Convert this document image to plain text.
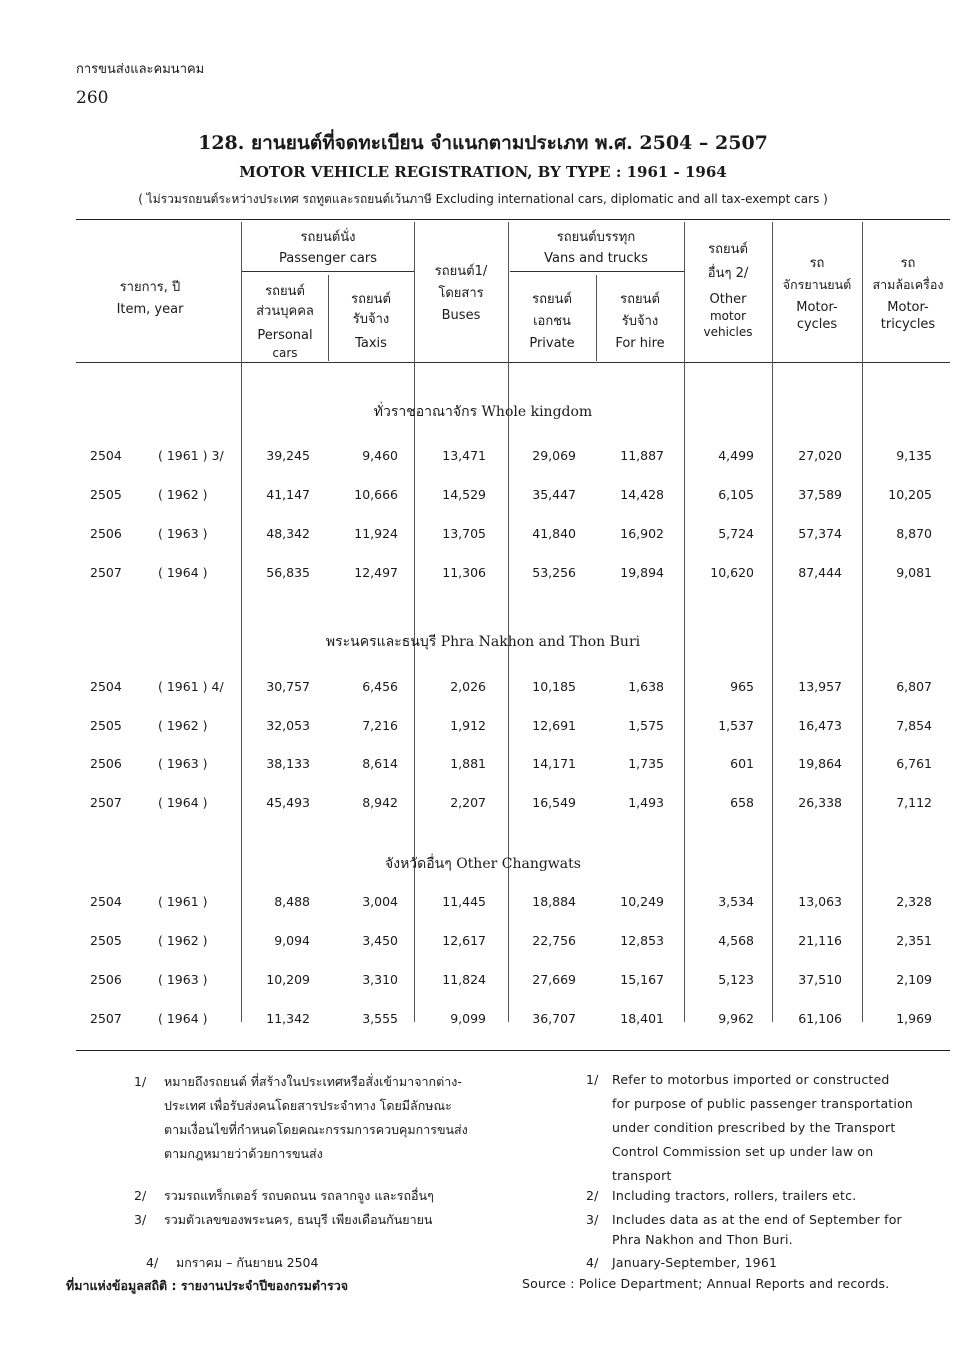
การขนส่งและคมนาคม
260
128. ยานยนต์ที่จดทะเบียน จำแนกตามประเภท พ.ศ. 2504 – 2507
MOTOR VEHICLE REGISTRATION, BY TYPE : 1961 - 1964
( ไม่รวมรถยนต์ระหว่างประเทศ รถทูตและรถยนต์เว้นภาษี Excluding international cars, diplomatic and all tax-exempt cars )
รายการ, ปี
Item, year
รถยนต์นั่ง
Passenger cars
รถยนต์
ส่วนบุคคล
Personal
cars
รถยนต์
รับจ้าง
Taxis
รถยนต์1/
โดยสาร
Buses
รถยนต์บรรทุก
Vans and trucks
รถยนต์
เอกชน
Private
รถยนต์
รับจ้าง
For hire
รถยนต์
อื่นๆ 2/
Other
motor
vehicles
รถ
จักรยานยนต์
Motor-
cycles
รถ
สามล้อเครื่อง
Motor-
tricycles
ทั่วราชอาณาจักร Whole kingdom
2504	( 1961 ) 3/	39,245	9,460	13,471	29,069	11,887	4,499	27,020	9,135
2505	( 1962 )	41,147	10,666	14,529	35,447	14,428	6,105	37,589	10,205
2506	( 1963 )	48,342	11,924	13,705	41,840	16,902	5,724	57,374	8,870
2507	( 1964 )	56,835	12,497	11,306	53,256	19,894	10,620	87,444	9,081
พระนครและธนบุรี Phra Nakhon and Thon Buri
2504	( 1961 ) 4/	30,757	6,456	2,026	10,185	1,638	965	13,957	6,807
2505	( 1962 )	32,053	7,216	1,912	12,691	1,575	1,537	16,473	7,854
2506	( 1963 )	38,133	8,614	1,881	14,171	1,735	601	19,864	6,761
2507	( 1964 )	45,493	8,942	2,207	16,549	1,493	658	26,338	7,112
จังหวัดอื่นๆ Other Changwats
2504	( 1961 )	8,488	3,004	11,445	18,884	10,249	3,534	13,063	2,328
2505	( 1962 )	9,094	3,450	12,617	22,756	12,853	4,568	21,116	2,351
2506	( 1963 )	10,209	3,310	11,824	27,669	15,167	5,123	37,510	2,109
2507	( 1964 )	11,342	3,555	9,099	36,707	18,401	9,962	61,106	1,969
1/ หมายถึงรถยนต์ ที่สร้างในประเทศหรือสั่งเข้ามาจากต่าง-
ประเทศ เพื่อรับส่งคนโดยสารประจำทาง โดยมีลักษณะ
ตามเงื่อนไขที่กำหนดโดยคณะกรรมการควบคุมการขนส่ง
ตามกฎหมายว่าด้วยการขนส่ง
2/ รวมรถแทร็กเตอร์ รถบดถนน รถลากจูง และรถอื่นๆ
3/ รวมตัวเลขของพระนคร, ธนบุรี เพียงเดือนกันยายน
4/ มกราคม – กันยายน 2504
ที่มาแห่งข้อมูลสถิติ : รายงานประจำปีของกรมตำรวจ
1/ Refer to motorbus imported or constructed
for purpose of public passenger transportation
under condition prescribed by the Transport
Control Commission set up under law on
transport
2/ Including tractors, rollers, trailers etc.
3/ Includes data as at the end of September for
Phra Nakhon and Thon Buri.
4/ January-September, 1961
Source : Police Department; Annual Reports and records.
